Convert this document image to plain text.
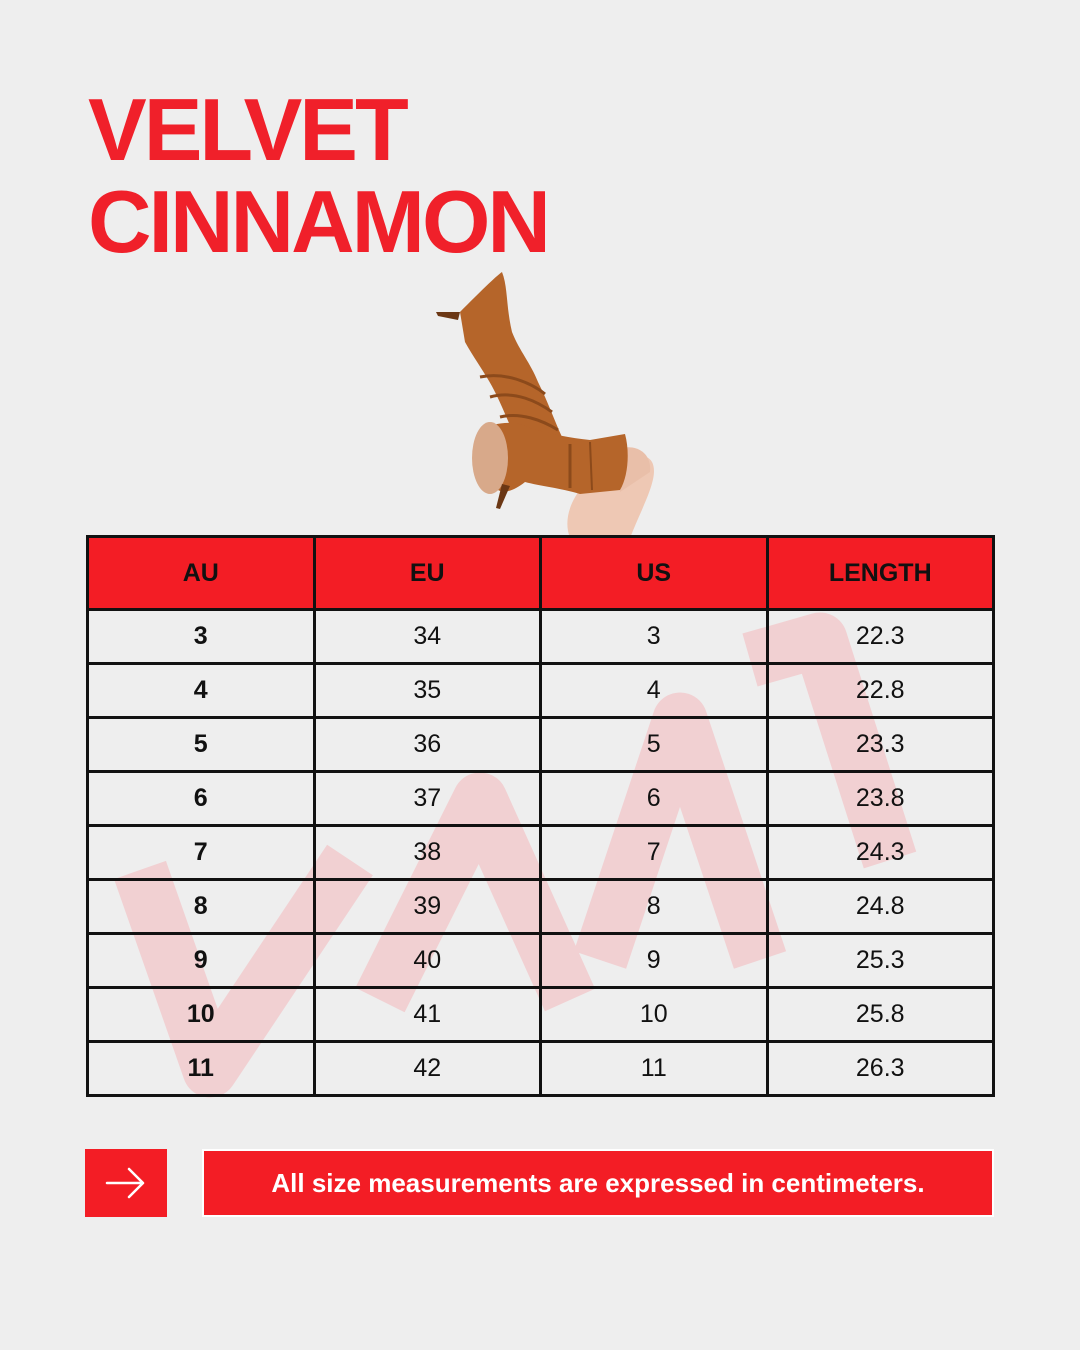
VELVET
CINNAMON
AU	EU	US	LENGTH
3	34	3	22.3
4	35	4	22.8
5	36	5	23.3
6	37	6	23.8
7	38	7	24.3
8	39	8	24.8
9	40	9	25.3
10	41	10	25.8
11	42	11	26.3
All size measurements are expressed in centimeters.
